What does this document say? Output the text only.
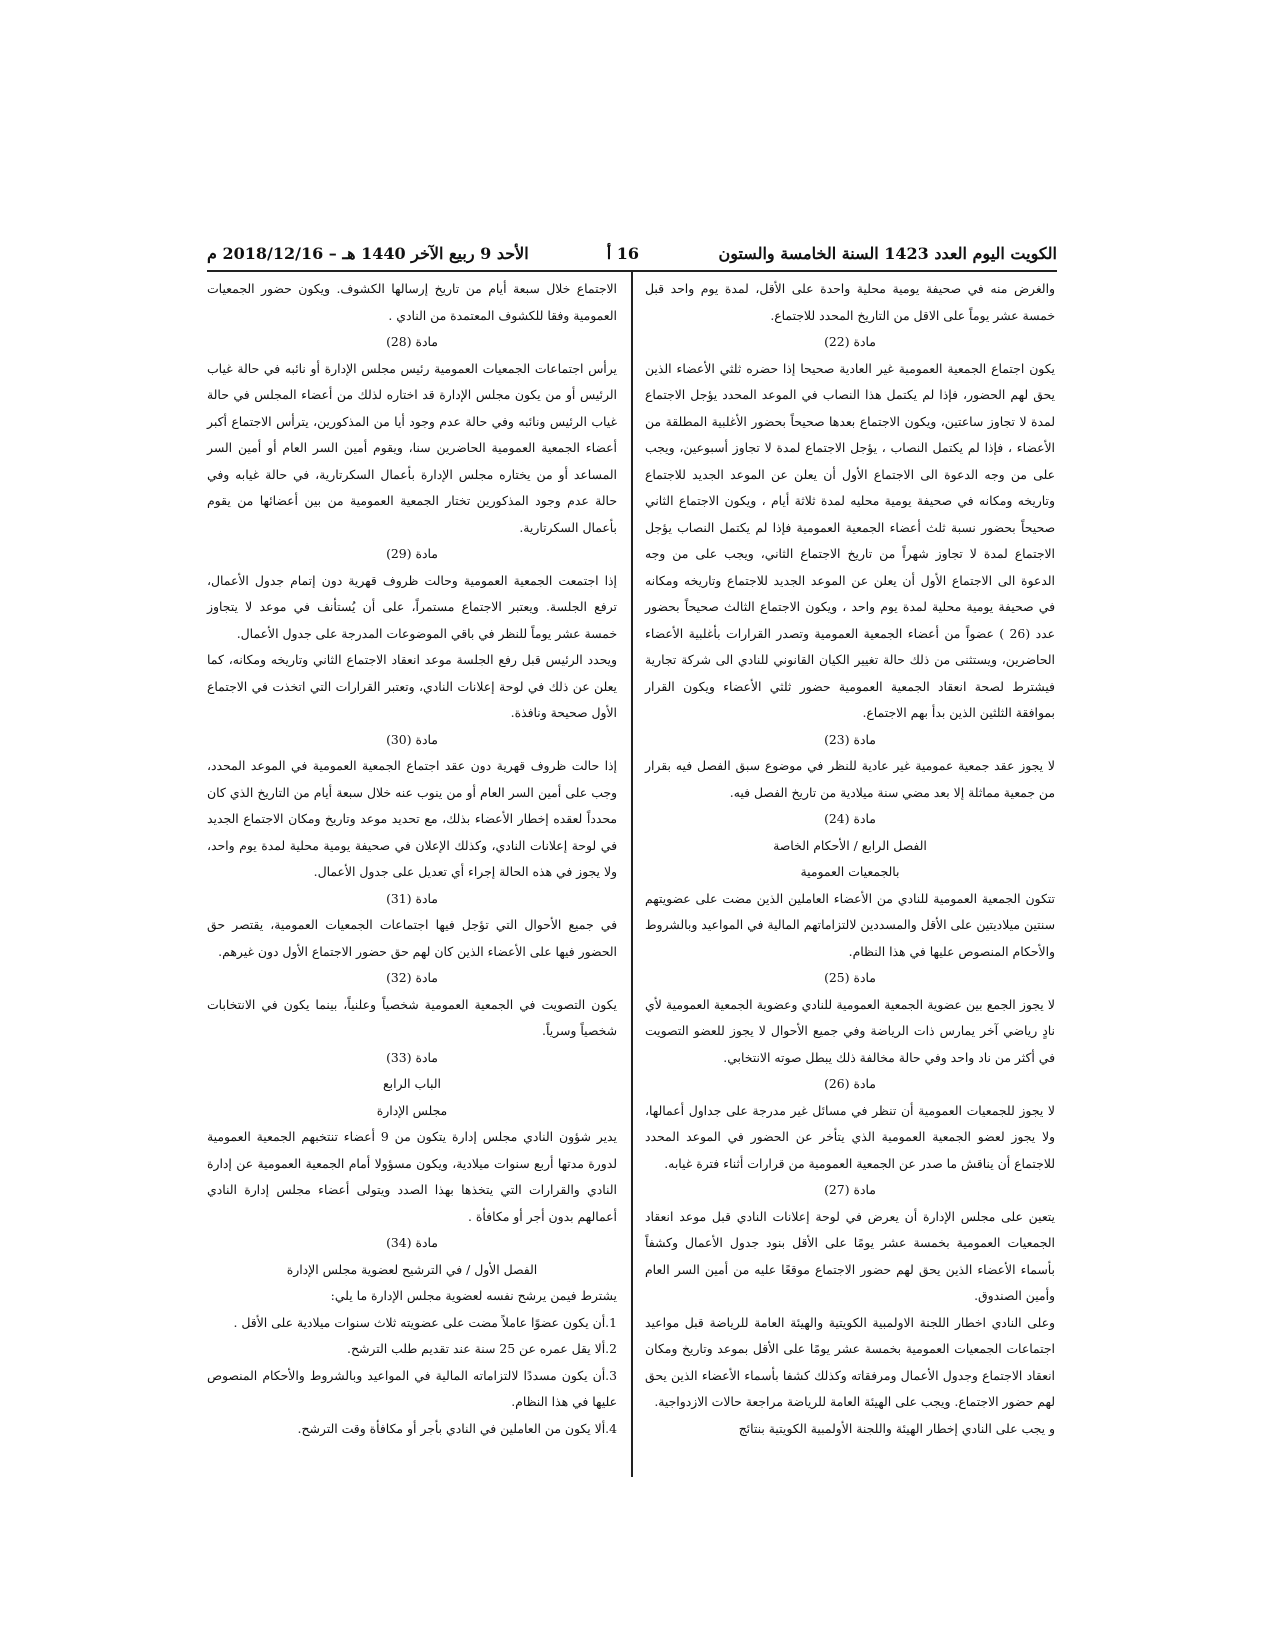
الكويت اليوم العدد 1423 السنة الخامسة والستون
16 أ
الأحد 9 ربيع الآخر 1440 هـ – 2018/12/16 م

والغرض منه في صحيفة يومية محلية واحدة على الأقل، لمدة يوم واحد قبل خمسة عشر يوماً على الاقل من التاريخ المحدد للاجتماع.

مادة (22)

يكون اجتماع الجمعية العمومية غير العادية صحيحا إذا حضره ثلثي الأعضاء الذين يحق لهم الحضور، فإذا لم يكتمل هذا النصاب في الموعد المحدد يؤجل الاجتماع لمدة لا تجاوز ساعتين، ويكون الاجتماع بعدها صحيحاً بحضور الأغلبية المطلقة من الأعضاء ، فإذا لم يكتمل النصاب ، يؤجل الاجتماع لمدة لا تجاوز أسبوعين، ويجب على من وجه الدعوة الى الاجتماع الأول أن يعلن عن الموعد الجديد للاجتماع وتاريخه ومكانه في صحيفة يومية محليه لمدة ثلاثة أيام ، ويكون الاجتماع الثاني صحيحاً بحضور نسبة ثلث أعضاء الجمعية العمومية فإذا لم يكتمل النصاب يؤجل الاجتماع لمدة لا تجاوز شهراً من تاريخ الاجتماع الثاني، ويجب على من وجه الدعوة الى الاجتماع الأول أن يعلن عن الموعد الجديد للاجتماع وتاريخه ومكانه في صحيفة يومية محلية لمدة يوم واحد ، ويكون الاجتماع الثالث صحيحاً بحضور عدد (26 ) عضواً من أعضاء الجمعية العمومية وتصدر القرارات بأغلبية الأعضاء الحاضرين، ويستثنى من ذلك حالة تغيير الكيان القانوني للنادي الى شركة تجارية فيشترط لصحة انعقاد الجمعية العمومية حضور ثلثي الأعضاء ويكون القرار بموافقة الثلثين الذين بدأ بهم الاجتماع.

مادة (23)

لا يجوز عقد جمعية عمومية غير عادية للنظر في موضوع سبق الفصل فيه بقرار من جمعية مماثلة إلا بعد مضي سنة ميلادية من تاريخ الفصل فيه.

مادة (24)

الفصل الرابع / الأحكام الخاصة

بالجمعيات العمومية

تتكون الجمعية العمومية للنادي من الأعضاء العاملين الذين مضت على عضويتهم سنتين ميلاديتين على الأقل والمسددين لالتزاماتهم المالية في المواعيد وبالشروط والأحكام المنصوص عليها في هذا النظام.

مادة (25)

لا يجوز الجمع بين عضوية الجمعية العمومية للنادي وعضوية الجمعية العمومية لأي نادٍ رياضي آخر يمارس ذات الرياضة وفي جميع الأحوال لا يجوز للعضو التصويت في أكثر من ناد واحد وفي حالة مخالفة ذلك يبطل صوته الانتخابي.

مادة (26)

لا يجوز للجمعيات العمومية أن تنظر في مسائل غير مدرجة على جداول أعمالها، ولا يجوز لعضو الجمعية العمومية الذي يتأخر عن الحضور في الموعد المحدد للاجتماع أن يناقش ما صدر عن الجمعية العمومية من قرارات أثناء فترة غيابه.

مادة (27)

يتعين على مجلس الإدارة أن يعرض في لوحة إعلانات النادي قبل موعد انعقاد الجمعيات العمومية بخمسة عشر يومًا على الأقل بنود جدول الأعمال وكشفاً بأسماء الأعضاء الذين يحق لهم حضور الاجتماع موقعًا عليه من أمين السر العام وأمين الصندوق.

وعلى النادي اخطار اللجنة الاولمبية الكويتية والهيئة العامة للرياضة قبل مواعيد اجتماعات الجمعيات العمومية بخمسة عشر يومًا على الأقل بموعد وتاريخ ومكان انعقاد الاجتماع وجدول الأعمال ومرفقاته وكذلك كشفا بأسماء الأعضاء الذين يحق لهم حضور الاجتماع. ويجب على الهيئة العامة للرياضة مراجعة حالات الازدواجية.

و يجب على النادي إخطار الهيئة واللجنة الأولمبية الكويتية بنتائج

الاجتماع خلال سبعة أيام من تاريخ إرسالها الكشوف. ويكون حضور الجمعيات العمومية وفقا للكشوف المعتمدة من النادي .

مادة (28)

يرأس اجتماعات الجمعيات العمومية رئيس مجلس الإدارة أو نائبه في حالة غياب الرئيس أو من يكون مجلس الإدارة قد اختاره لذلك من أعضاء المجلس في حالة غياب الرئيس ونائبه وفي حالة عدم وجود أيا من المذكورين، يترأس الاجتماع أكبر أعضاء الجمعية العمومية الحاضرين سنا، ويقوم أمين السر العام أو أمين السر المساعد أو من يختاره مجلس الإدارة بأعمال السكرتارية، في حالة غيابه وفي حالة عدم وجود المذكورين تختار الجمعية العمومية من بين أعضائها من يقوم بأعمال السكرتارية.

مادة (29)

إذا اجتمعت الجمعية العمومية وحالت ظروف قهرية دون إتمام جدول الأعمال، ترفع الجلسة. ويعتبر الاجتماع مستمراً، على أن يُستأنف في موعد لا يتجاوز خمسة عشر يوماً للنظر في باقي الموضوعات المدرجة على جدول الأعمال.

ويحدد الرئيس قبل رفع الجلسة موعد انعقاد الاجتماع الثاني وتاريخه ومكانه، كما يعلن عن ذلك في لوحة إعلانات النادي، وتعتبر القرارات التي اتخذت في الاجتماع الأول صحيحة ونافذة.

مادة (30)

إذا حالت ظروف قهرية دون عقد اجتماع الجمعية العمومية في الموعد المحدد، وجب على أمين السر العام أو من ينوب عنه خلال سبعة أيام من التاريخ الذي كان محدداً لعقده إخطار الأعضاء بذلك، مع تحديد موعد وتاريخ ومكان الاجتماع الجديد في لوحة إعلانات النادي، وكذلك الإعلان في صحيفة يومية محلية لمدة يوم واحد، ولا يجوز في هذه الحالة إجراء أي تعديل على جدول الأعمال.

مادة (31)

في جميع الأحوال التي تؤجل فيها اجتماعات الجمعيات العمومية، يقتصر حق الحضور فيها على الأعضاء الذين كان لهم حق حضور الاجتماع الأول دون غيرهم.

مادة (32)

يكون التصويت في الجمعية العمومية شخصياً وعلنياً، بينما يكون في الانتخابات شخصياً وسرياً.

مادة (33)

الباب الرابع

مجلس الإدارة

يدير شؤون النادي مجلس إدارة يتكون من 9 أعضاء تنتخبهم الجمعية العمومية لدورة مدتها أربع سنوات ميلادية، ويكون مسؤولا أمام الجمعية العمومية عن إدارة النادي والقرارات التي يتخذها بهذا الصدد ويتولى أعضاء مجلس إدارة النادي أعمالهم بدون أجر أو مكافأة .

مادة (34)

الفصل الأول / في الترشيح لعضوية مجلس الإدارة

يشترط فيمن يرشح نفسه لعضوية مجلس الإدارة ما يلي:

1.أن يكون عضوًا عاملاً مضت على عضويته ثلاث سنوات ميلادية على الأقل .

2.ألا يقل عمره عن 25 سنة عند تقديم طلب الترشح.

3.أن يكون مسددًا لالتزاماته المالية في المواعيد وبالشروط والأحكام المنصوص عليها في هذا النظام.

4.ألا يكون من العاملين في النادي بأجر أو مكافأة وقت الترشح.
